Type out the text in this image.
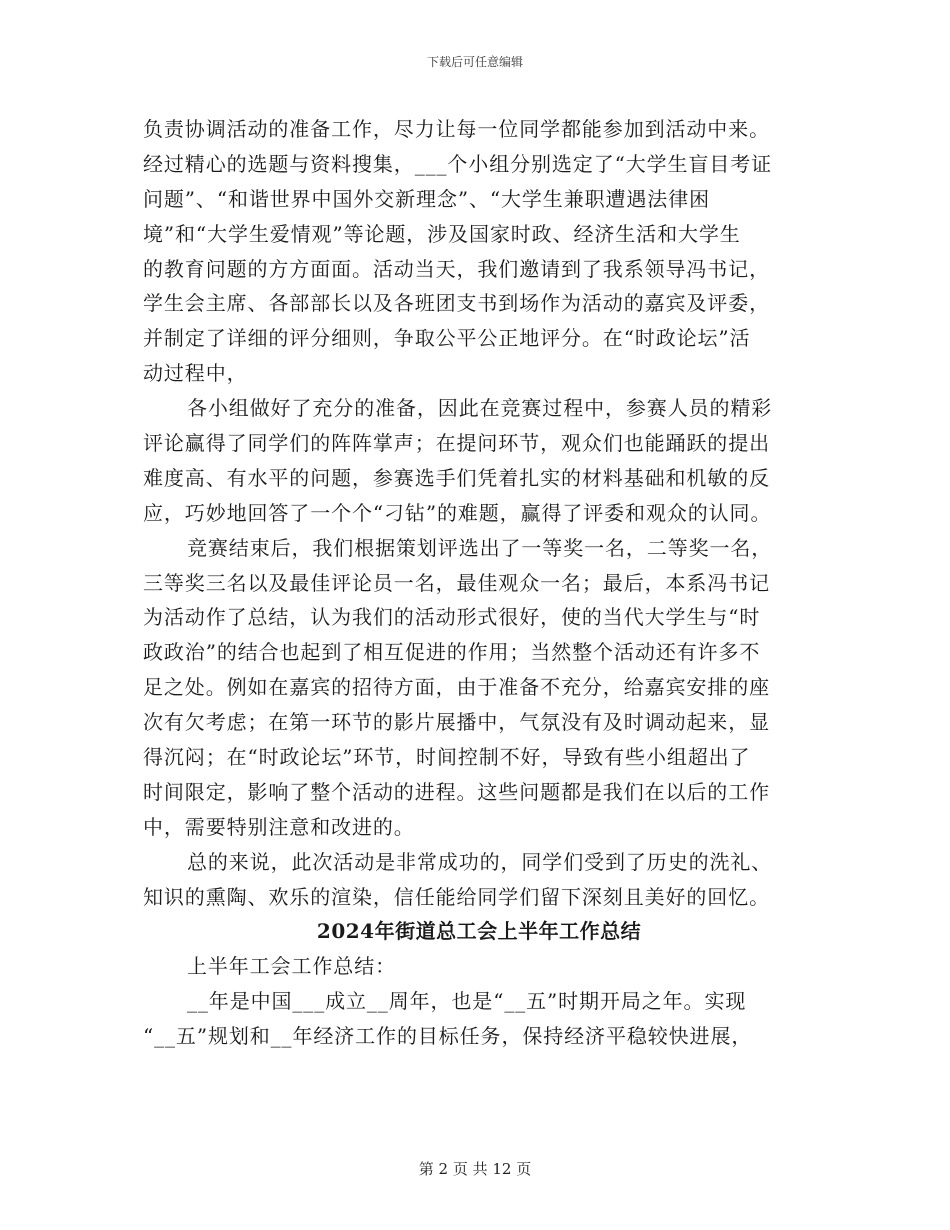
下载后可任意编辑
负责协调活动的准备工作，尽力让每一位同学都能参加到活动中来。
经过精心的选题与资料搜集，___个小组分别选定了“大学生盲目考证
问题”、“和谐世界中国外交新理念”、“大学生兼职遭遇法律困
境”和“大学生爱情观”等论题，涉及国家时政、经济生活和大学生
的教育问题的方方面面。活动当天，我们邀请到了我系领导冯书记，
学生会主席、各部部长以及各班团支书到场作为活动的嘉宾及评委，
并制定了详细的评分细则，争取公平公正地评分。在“时政论坛”活
动过程中，
各小组做好了充分的准备，因此在竞赛过程中，参赛人员的精彩
评论赢得了同学们的阵阵掌声；在提问环节，观众们也能踊跃的提出
难度高、有水平的问题，参赛选手们凭着扎实的材料基础和机敏的反
应，巧妙地回答了一个个“刁钻”的难题，赢得了评委和观众的认同。
竞赛结束后，我们根据策划评选出了一等奖一名，二等奖一名，
三等奖三名以及最佳评论员一名，最佳观众一名；最后，本系冯书记
为活动作了总结，认为我们的活动形式很好，使的当代大学生与“时
政政治”的结合也起到了相互促进的作用；当然整个活动还有许多不
足之处。例如在嘉宾的招待方面，由于准备不充分，给嘉宾安排的座
次有欠考虑；在第一环节的影片展播中，气氛没有及时调动起来，显
得沉闷；在“时政论坛”环节，时间控制不好，导致有些小组超出了
时间限定，影响了整个活动的进程。这些问题都是我们在以后的工作
中，需要特别注意和改进的。
总的来说，此次活动是非常成功的，同学们受到了历史的洗礼、
知识的熏陶、欢乐的渲染，信任能给同学们留下深刻且美好的回忆。
2024年街道总工会上半年工作总结
上半年工会工作总结：
__年是中国___成立__周年，也是“__五”时期开局之年。实现
“__五”规划和__年经济工作的目标任务，保持经济平稳较快进展，
第 2 页 共 12 页
